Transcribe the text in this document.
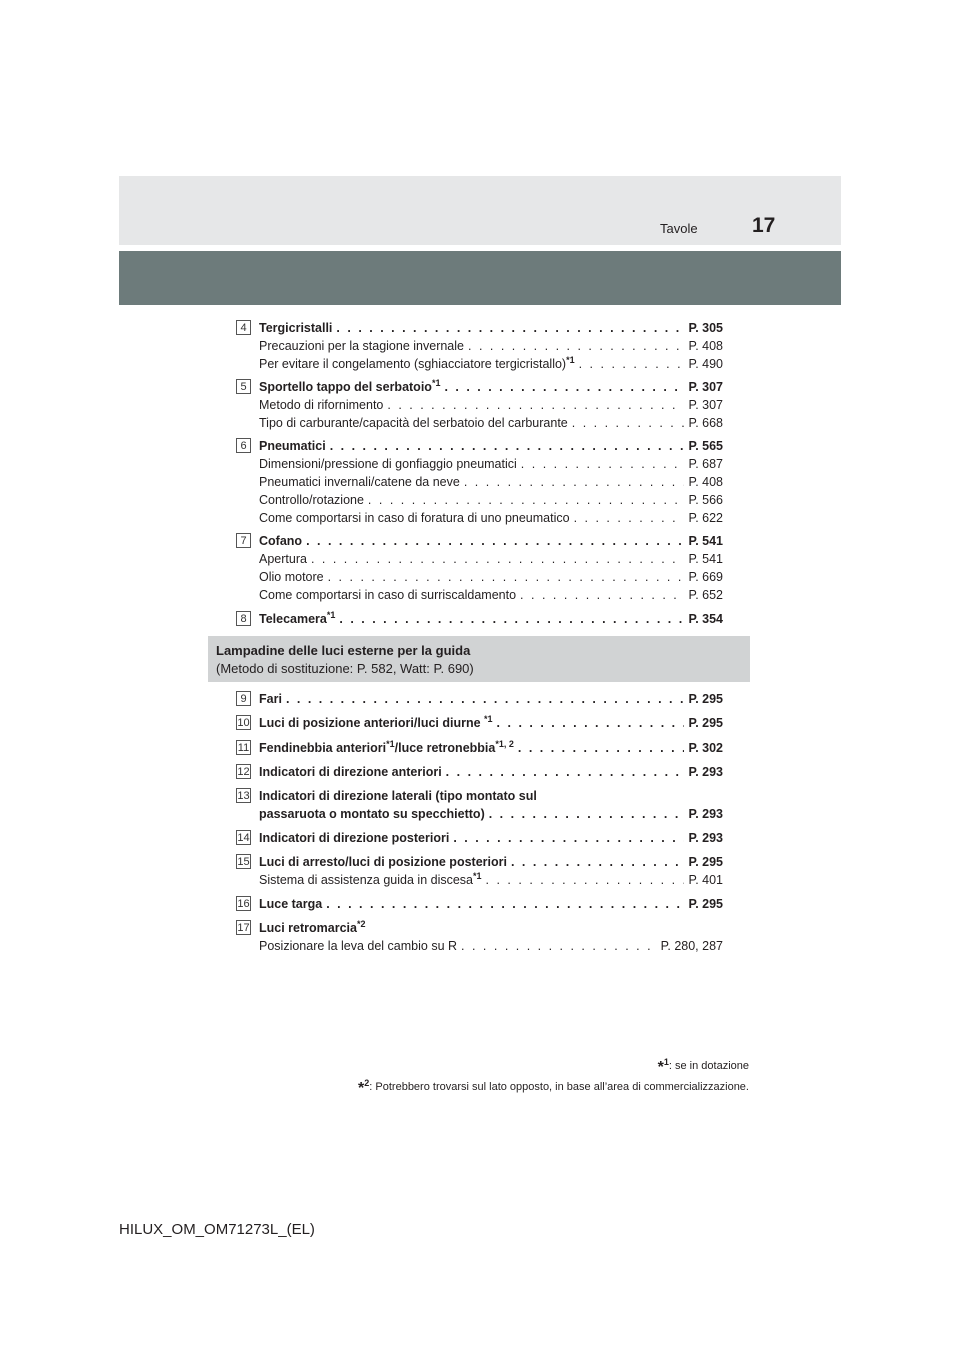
Tavole	17
4 Tergicristalli . . .	P. 305
Precauzioni per la stagione invernale . . .	P. 408
Per evitare il congelamento (sghiacciatore tergicristallo)$^{*1}$ . . .	P. 490
5 Sportello tappo del serbatoio$^{*1}$ . . .	P. 307
Metodo di rifornimento . . .	P. 307
Tipo di carburante/capacità del serbatoio del carburante . . .	P. 668
6 Pneumatici . . .	P. 565
Dimensioni/pressione di gonfiaggio pneumatici . . .	P. 687
Pneumatici invernali/catene da neve . . .	P. 408
Controllo/rotazione . . .	P. 566
Come comportarsi in caso di foratura di uno pneumatico . . .	P. 622
7 Cofano . . .	P. 541
Apertura . . .	P. 541
Olio motore . . .	P. 669
Come comportarsi in caso di surriscaldamento . . .	P. 652
8 Telecamera$^{*1}$ . . .	P. 354
Lampadine delle luci esterne per la guida
(Metodo di sostituzione: P. 582, Watt: P. 690)
9 Fari . . .	P. 295
10 Luci di posizione anteriori/luci diurne $^{*1}$ . . .	P. 295
11 Fendinebbia anteriori$^{*1}$/luce retronebbia$^{*1, 2}$ . . .	P. 302
12 Indicatori di direzione anteriori . . .	P. 293
13 Indicatori di direzione laterali (tipo montato sul
passaruota o montato su specchietto) . . .	P. 293
14 Indicatori di direzione posteriori . . .	P. 293
15 Luci di arresto/luci di posizione posteriori . . .	P. 295
Sistema di assistenza guida in discesa$^{*1}$ . . .	P. 401
16 Luce targa . . .	P. 295
17 Luci retromarcia$^{*2}$
Posizionare la leva del cambio su R . . .	P. 280, 287
*$^1$: se in dotazione
*$^2$: Potrebbero trovarsi sul lato opposto, in base all’area di commercializzazione.
HILUX_OM_OM71273L_(EL)
